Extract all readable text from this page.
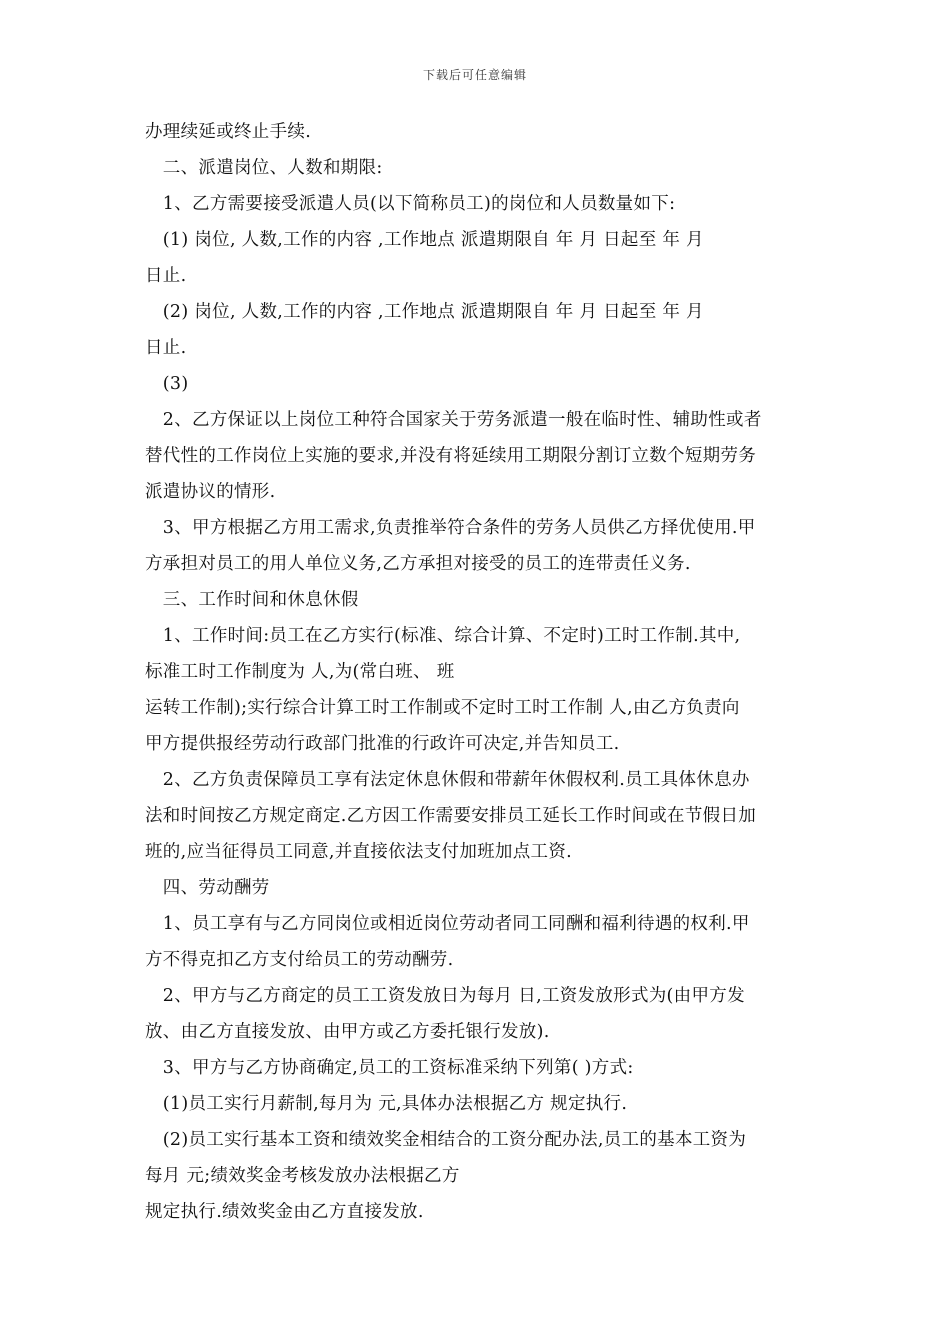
下载后可任意编辑
办理续延或终止手续.
　二、派遣岗位、人数和期限:
　1、乙方需要接受派遣人员(以下简称员工)的岗位和人员数量如下:
　(1) 岗位, 人数,工作的内容 ,工作地点 派遣期限自 年 月 日起至 年 月
日止.
　(2) 岗位, 人数,工作的内容 ,工作地点 派遣期限自 年 月 日起至 年 月
日止.
　(3)
　2、乙方保证以上岗位工种符合国家关于劳务派遣一般在临时性、辅助性或者
替代性的工作岗位上实施的要求,并没有将延续用工期限分割订立数个短期劳务
派遣协议的情形.
　3、甲方根据乙方用工需求,负责推举符合条件的劳务人员供乙方择优使用.甲
方承担对员工的用人单位义务,乙方承担对接受的员工的连带责任义务.
　三、工作时间和休息休假
　1、工作时间:员工在乙方实行(标准、综合计算、不定时)工时工作制.其中,
标准工时工作制度为 人,为(常白班、 班
运转工作制);实行综合计算工时工作制或不定时工时工作制 人,由乙方负责向
甲方提供报经劳动行政部门批准的行政许可决定,并告知员工.
　2、乙方负责保障员工享有法定休息休假和带薪年休假权利.员工具体休息办
法和时间按乙方规定商定.乙方因工作需要安排员工延长工作时间或在节假日加
班的,应当征得员工同意,并直接依法支付加班加点工资.
　四、劳动酬劳
　1、员工享有与乙方同岗位或相近岗位劳动者同工同酬和福利待遇的权利.甲
方不得克扣乙方支付给员工的劳动酬劳.
　2、甲方与乙方商定的员工工资发放日为每月 日,工资发放形式为(由甲方发
放、由乙方直接发放、由甲方或乙方委托银行发放).
　3、甲方与乙方协商确定,员工的工资标准采纳下列第( )方式:
　(1)员工实行月薪制,每月为 元,具体办法根据乙方 规定执行.
　(2)员工实行基本工资和绩效奖金相结合的工资分配办法,员工的基本工资为
每月 元;绩效奖金考核发放办法根据乙方
规定执行.绩效奖金由乙方直接发放.
